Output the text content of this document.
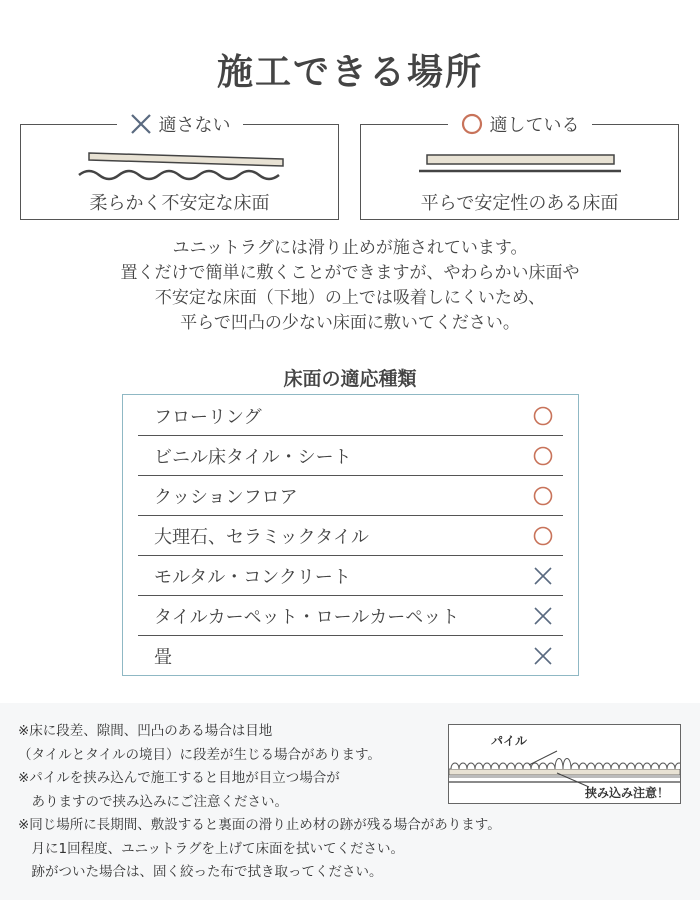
施工できる場所
適さない
柔らかく不安定な床面
適している
平らで安定性のある床面
ユニットラグには滑り止めが施されています。
置くだけで簡単に敷くことができますが、やわらかい床面や
不安定な床面（下地）の上では吸着しにくいため、
平らで凹凸の少ない床面に敷いてください。
床面の適応種類
フローリング
ビニル床タイル・シート
クッションフロア
大理石、セラミックタイル
モルタル・コンクリート
タイルカーペット・ロールカーペット
畳
※床に段差、隙間、凹凸のある場合は目地
（タイルとタイルの境目）に段差が生じる場合があります。
※パイルを挟み込んで施工すると目地が目立つ場合が
　ありますので挟み込みにご注意ください。
※同じ場所に長期間、敷設すると裏面の滑り止め材の跡が残る場合があります。
　月に1回程度、ユニットラグを上げて床面を拭いてください。
　跡がついた場合は、固く絞った布で拭き取ってください。
パイル
挟み込み注意！
